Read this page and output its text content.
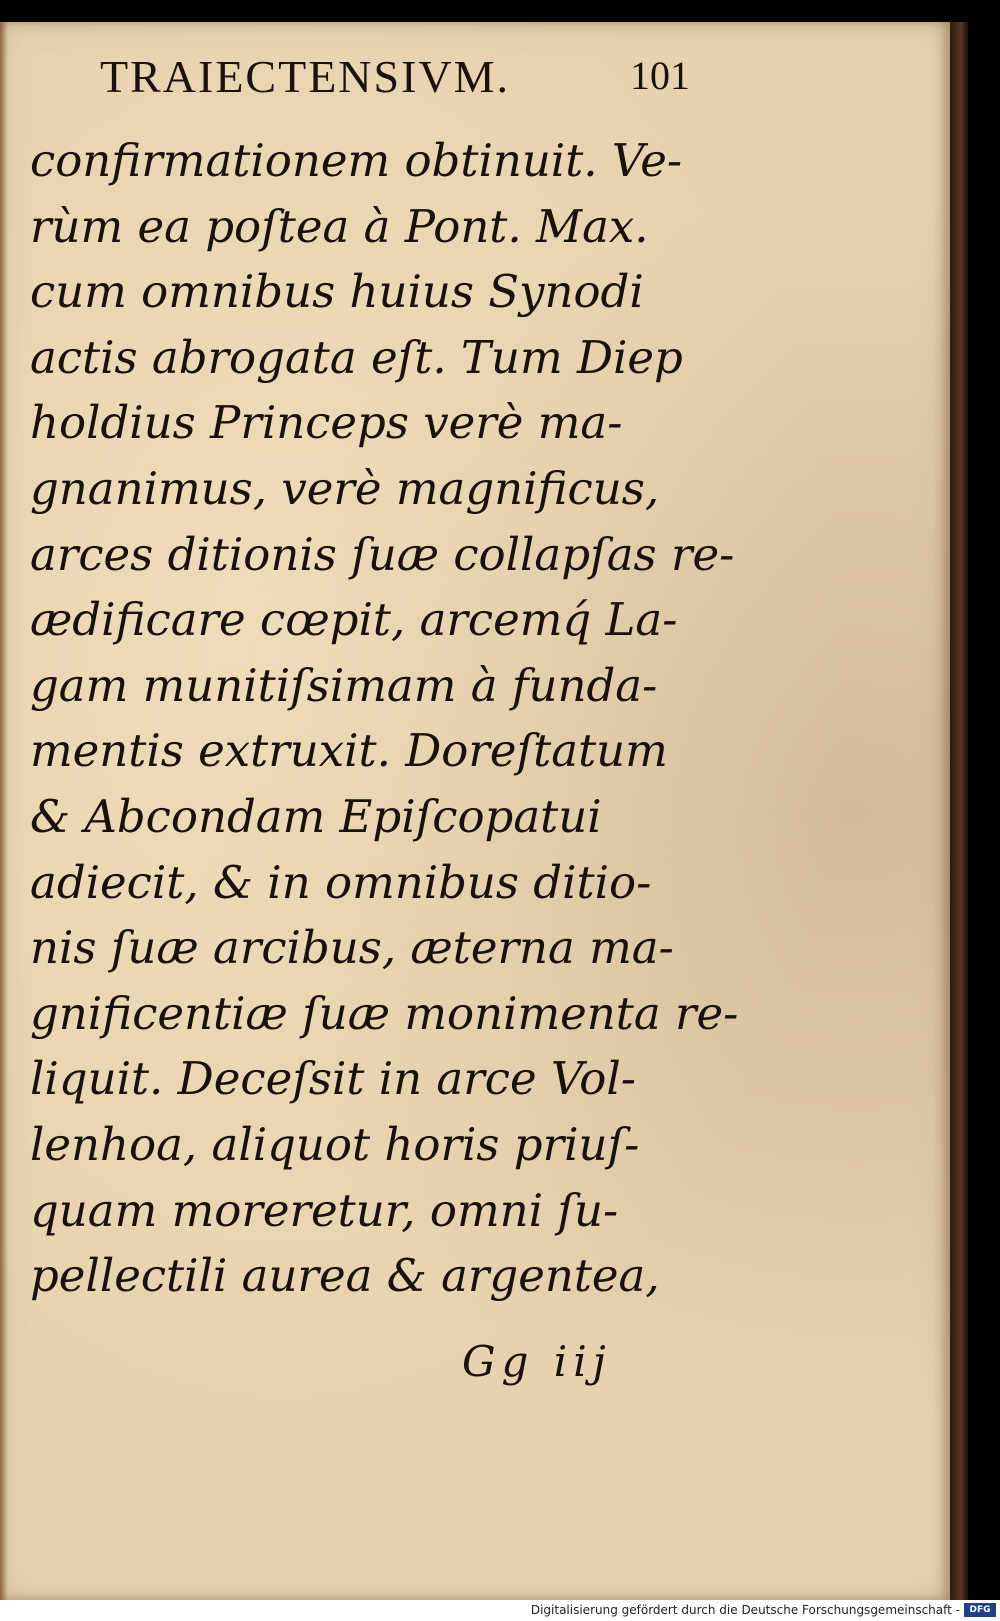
TRAIECTENSIVM.	101
confirmationem obtinuit. Ve-
rùm ea poſtea à Pont. Max.
cum omnibus huius Synodi
actis abrogata eſt. Tum Diep
holdius Princeps verè ma-
gnanimus, verè magnificus,
arces ditionis ſuæ collapſas re-
ædificare cœpit, arcemq́ La-
gam munitiſsimam à funda-
mentis extruxit. Doreſtatum
& Abcondam Epiſcopatui
adiecit, & in omnibus ditio-
nis ſuæ arcibus, æterna ma-
gnificentiæ ſuæ monimenta re-
liquit. Deceſsit in arce Vol-
lenhoa, aliquot horis priuſ-
quam moreretur, omni ſu-
pellectili aurea & argentea,
Gg iij
Digitalisierung gefördert durch die Deutsche Forschungsgemeinschaft -	DFG
